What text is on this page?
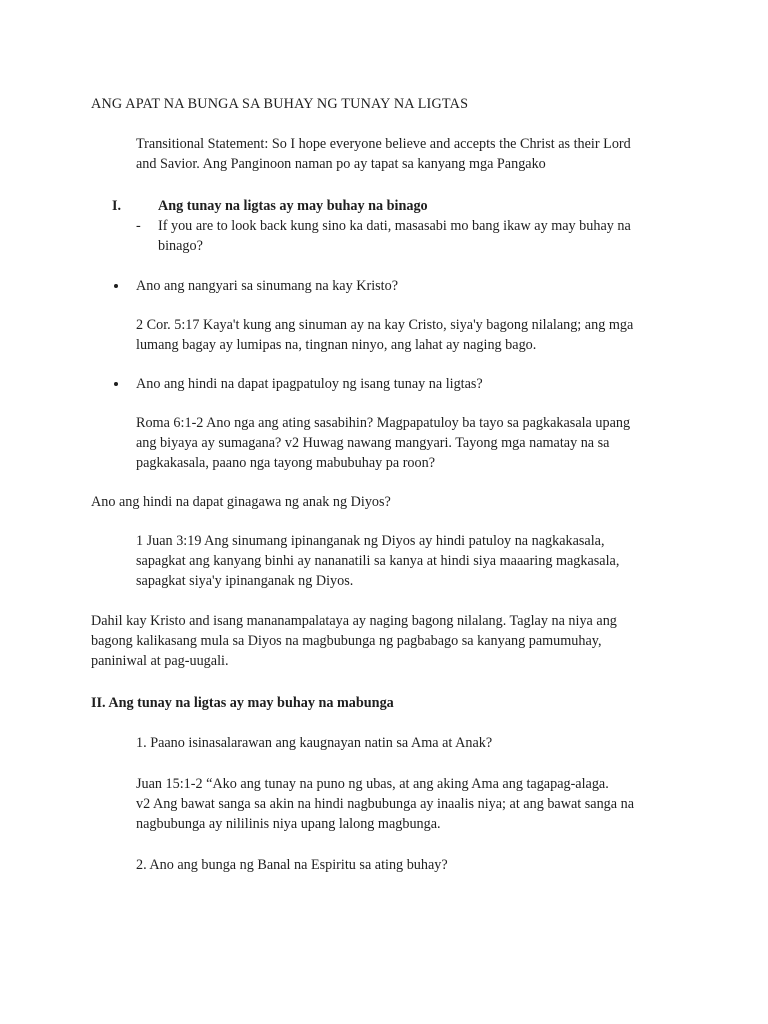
ANG APAT NA BUNGA SA BUHAY NG TUNAY NA LIGTAS

Transitional Statement: So I hope everyone believe and accepts the Christ as their Lord

and Savior. Ang Panginoon naman po ay tapat sa kanyang mga Pangako

I.	Ang tunay na ligtas ay may buhay na binago

- If you are to look back kung sino ka dati, masasabi mo bang ikaw ay may buhay na

binago?

Ano ang nangyari sa sinumang na kay Kristo?

2 Cor. 5:17 Kaya't kung ang sinuman ay na kay Cristo, siya'y bagong nilalang; ang mga

lumang bagay ay lumipas na, tingnan ninyo, ang lahat ay naging bago.

Ano ang hindi na dapat ipagpatuloy ng isang tunay na ligtas?

Roma 6:1-2 Ano nga ang ating sasabihin? Magpapatuloy ba tayo sa pagkakasala upang

ang biyaya ay sumagana? v2 Huwag nawang mangyari. Tayong mga namatay na sa

pagkakasala, paano nga tayong mabubuhay pa roon?

Ano ang hindi na dapat ginagawa ng anak ng Diyos?

1 Juan 3:19 Ang sinumang ipinanganak ng Diyos ay hindi patuloy na nagkakasala,

sapagkat ang kanyang binhi ay nananatili sa kanya at hindi siya maaaring magkasala,

sapagkat siya'y ipinanganak ng Diyos.

Dahil kay Kristo and isang mananampalataya ay naging bagong nilalang. Taglay na niya ang

bagong kalikasang mula sa Diyos na magbubunga ng pagbabago sa kanyang pamumuhay,

paniniwal at pag-uugali.

II. Ang tunay na ligtas ay may buhay na mabunga

1. Paano isinasalarawan ang kaugnayan natin sa Ama at Anak?

Juan 15:1-2 “Ako ang tunay na puno ng ubas, at ang aking Ama ang tagapag-alaga.

v2 Ang bawat sanga sa akin na hindi nagbubunga ay inaalis niya; at ang bawat sanga na

nagbubunga ay nililinis niya upang lalong magbunga.

2. Ano ang bunga ng Banal na Espiritu sa ating buhay?
